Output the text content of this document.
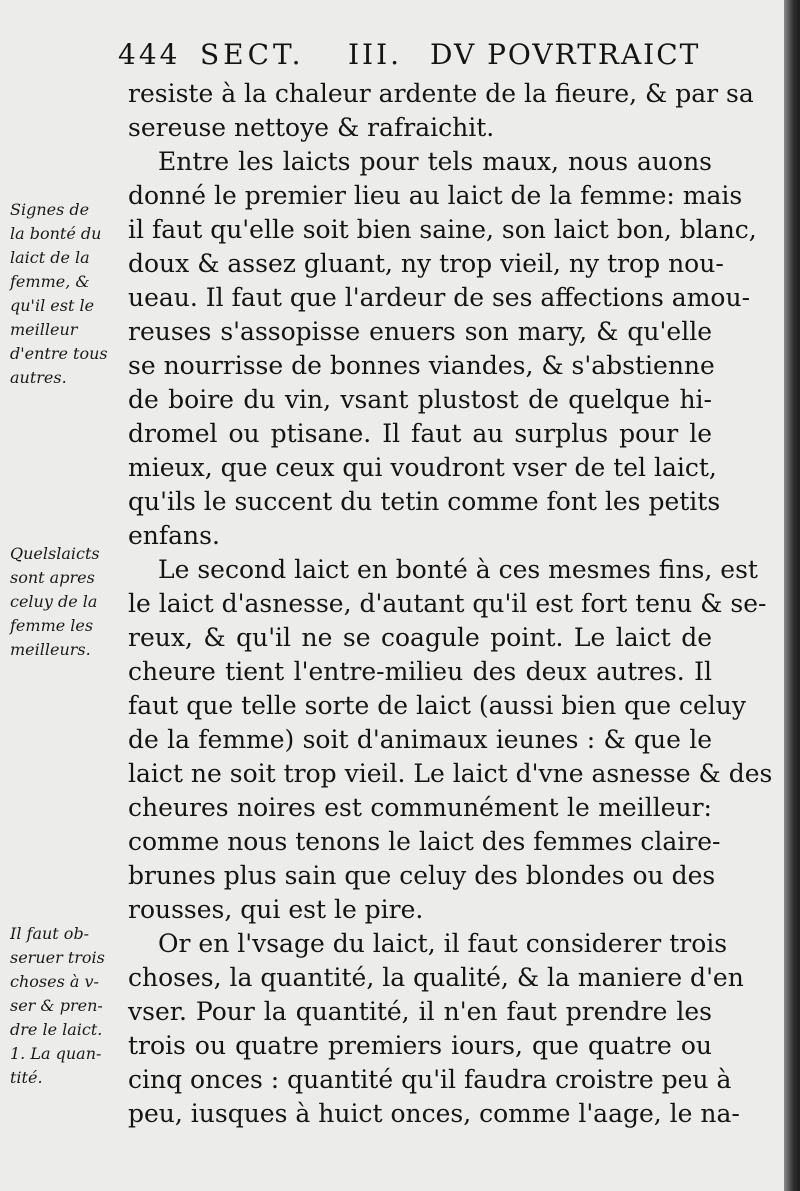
444 SECT. III. DV POVRTRAICT
Signes de
la bonté du
laict de la
femme, &
qu'il est le
meilleur
d'entre tous
autres.
Quelslaicts
sont apres
celuy de la
femme les
meilleurs.
Il faut ob-
seruer trois
choses à v-
ser & pren-
dre le laict.
1. La quan-
tité.
resiste à la chaleur ardente de la fieure, & par sa
sereuse nettoye & rafraichit.
Entre les laicts pour tels maux, nous auons
donné le premier lieu au laict de la femme: mais
il faut qu'elle soit bien saine, son laict bon, blanc,
doux & assez gluant, ny trop vieil, ny trop nou-
ueau. Il faut que l'ardeur de ses affections amou-
reuses s'assopisse enuers son mary, & qu'elle
se nourrisse de bonnes viandes, & s'abstienne
de boire du vin, vsant plustost de quelque hi-
dromel ou ptisane. Il faut au surplus pour le
mieux, que ceux qui voudront vser de tel laict,
qu'ils le succent du tetin comme font les petits
enfans.
Le second laict en bonté à ces mesmes fins, est
le laict d'asnesse, d'autant qu'il est fort tenu & se-
reux, & qu'il ne se coagule point. Le laict de
cheure tient l'entre-milieu des deux autres. Il
faut que telle sorte de laict (aussi bien que celuy
de la femme) soit d'animaux ieunes : & que le
laict ne soit trop vieil. Le laict d'vne asnesse & des
cheures noires est communément le meilleur:
comme nous tenons le laict des femmes claire-
brunes plus sain que celuy des blondes ou des
rousses, qui est le pire.
Or en l'vsage du laict, il faut considerer trois
choses, la quantité, la qualité, & la maniere d'en
vser. Pour la quantité, il n'en faut prendre les
trois ou quatre premiers iours, que quatre ou
cinq onces : quantité qu'il faudra croistre peu à
peu, iusques à huict onces, comme l'aage, le na-
